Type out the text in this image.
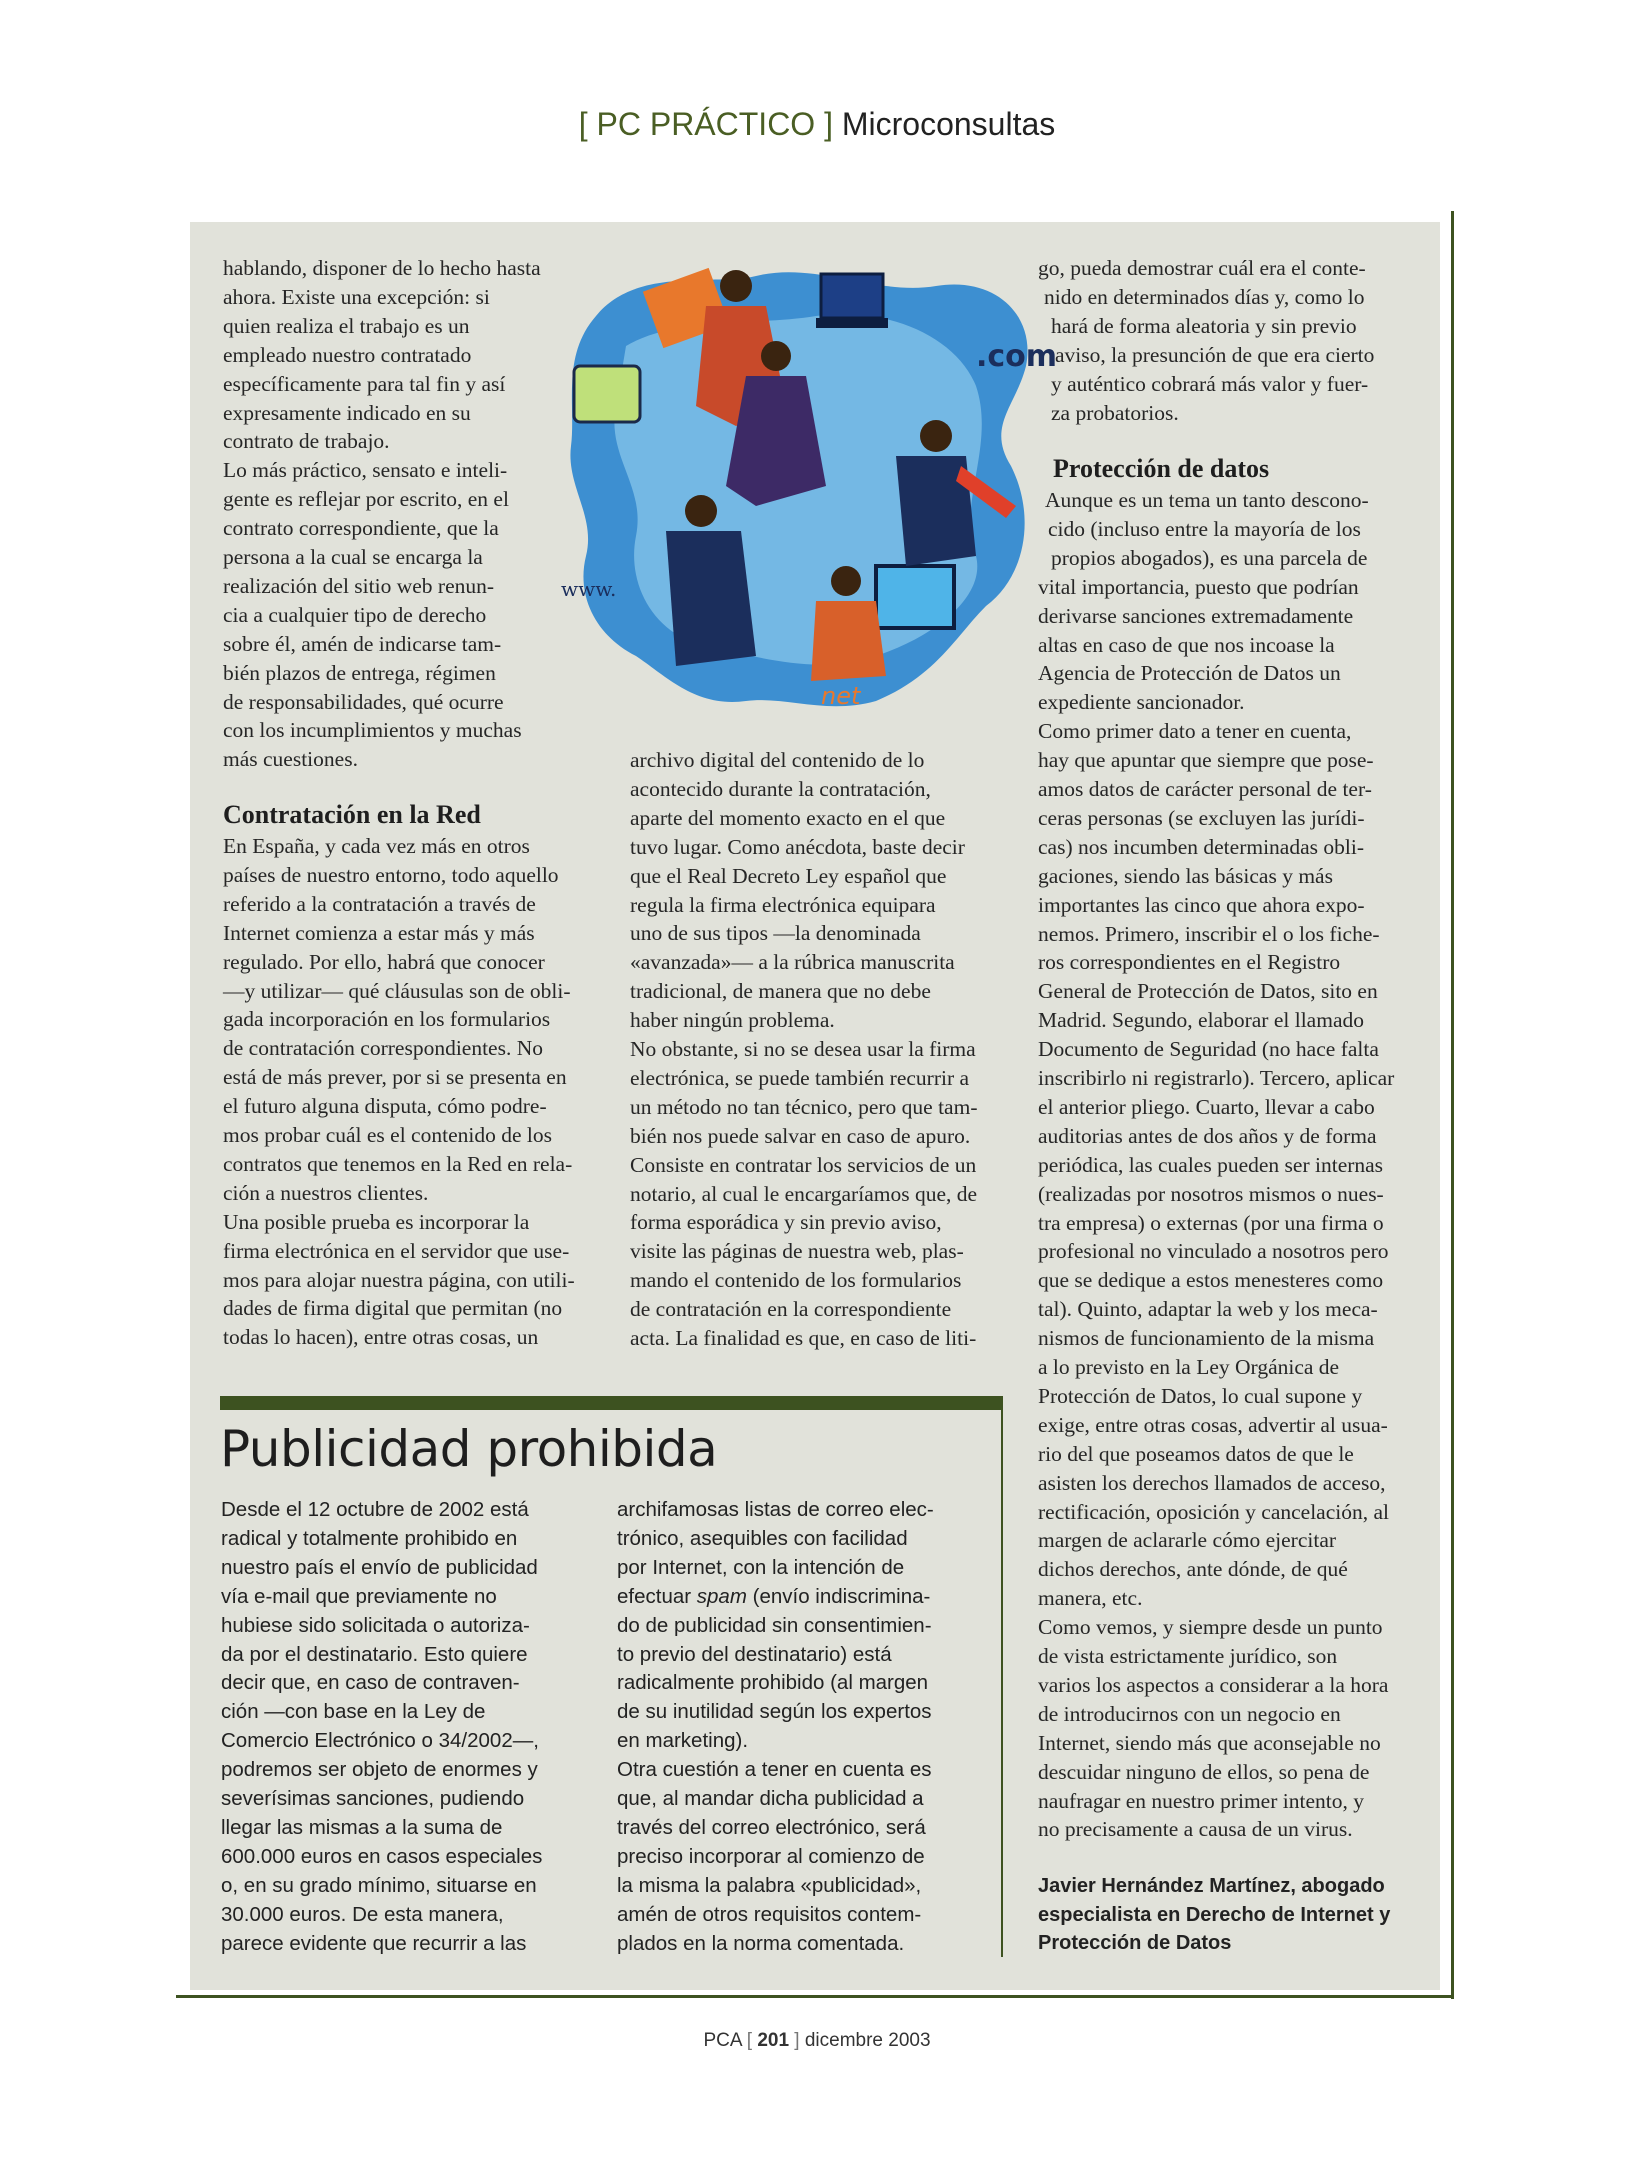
[ PC PRÁCTICO ] Microconsultas
.com
www.
net
hablando, disponer de lo hecho hasta
ahora. Existe una excepción: si
quien realiza el trabajo es un
empleado nuestro contratado
específicamente para tal fin y así
expresamente indicado en su
contrato de trabajo.
Lo más práctico, sensato e inteli-
gente es reflejar por escrito, en el
contrato correspondiente, que la
persona a la cual se encarga la
realización del sitio web renun-
cia a cualquier tipo de derecho
sobre él, amén de indicarse tam-
bién plazos de entrega, régimen
de responsabilidades, qué ocurre
con los incumplimientos y muchas
más cuestiones.
Contratación en la Red
En España, y cada vez más en otros
países de nuestro entorno, todo aquello
referido a la contratación a través de
Internet comienza a estar más y más
regulado. Por ello, habrá que conocer
—y utilizar— qué cláusulas son de obli-
gada incorporación en los formularios
de contratación correspondientes. No
está de más prever, por si se presenta en
el futuro alguna disputa, cómo podre-
mos probar cuál es el contenido de los
contratos que tenemos en la Red en rela-
ción a nuestros clientes.
Una posible prueba es incorporar la
firma electrónica en el servidor que use-
mos para alojar nuestra página, con utili-
dades de firma digital que permitan (no
todas lo hacen), entre otras cosas, un
archivo digital del contenido de lo
acontecido durante la contratación,
aparte del momento exacto en el que
tuvo lugar. Como anécdota, baste decir
que el Real Decreto Ley español que
regula la firma electrónica equipara
uno de sus tipos —la denominada
«avanzada»— a la rúbrica manuscrita
tradicional, de manera que no debe
haber ningún problema.
No obstante, si no se desea usar la firma
electrónica, se puede también recurrir a
un método no tan técnico, pero que tam-
bién nos puede salvar en caso de apuro.
Consiste en contratar los servicios de un
notario, al cual le encargaríamos que, de
forma esporádica y sin previo aviso,
visite las páginas de nuestra web, plas-
mando el contenido de los formularios
de contratación en la correspondiente
acta. La finalidad es que, en caso de liti-
go, pueda demostrar cuál era el conte-
nido en determinados días y, como lo
hará de forma aleatoria y sin previo
aviso, la presunción de que era cierto
y auténtico cobrará más valor y fuer-
za probatorios.
Protección de datos
Aunque es un tema un tanto descono-
cido (incluso entre la mayoría de los
propios abogados), es una parcela de
vital importancia, puesto que podrían
derivarse sanciones extremadamente
altas en caso de que nos incoase la
Agencia de Protección de Datos un
expediente sancionador.
Como primer dato a tener en cuenta,
hay que apuntar que siempre que pose-
amos datos de carácter personal de ter-
ceras personas (se excluyen las jurídi-
cas) nos incumben determinadas obli-
gaciones, siendo las básicas y más
importantes las cinco que ahora expo-
nemos. Primero, inscribir el o los fiche-
ros correspondientes en el Registro
General de Protección de Datos, sito en
Madrid. Segundo, elaborar el llamado
Documento de Seguridad (no hace falta
inscribirlo ni registrarlo). Tercero, aplicar
el anterior pliego. Cuarto, llevar a cabo
auditorias antes de dos años y de forma
periódica, las cuales pueden ser internas
(realizadas por nosotros mismos o nues-
tra empresa) o externas (por una firma o
profesional no vinculado a nosotros pero
que se dedique a estos menesteres como
tal). Quinto, adaptar la web y los meca-
nismos de funcionamiento de la misma
a lo previsto en la Ley Orgánica de
Protección de Datos, lo cual supone y
exige, entre otras cosas, advertir al usua-
rio del que poseamos datos de que le
asisten los derechos llamados de acceso,
rectificación, oposición y cancelación, al
margen de aclararle cómo ejercitar
dichos derechos, ante dónde, de qué
manera, etc.
Como vemos, y siempre desde un punto
de vista estrictamente jurídico, son
varios los aspectos a considerar a la hora
de introducirnos con un negocio en
Internet, siendo más que aconsejable no
descuidar ninguno de ellos, so pena de
naufragar en nuestro primer intento, y
no precisamente a causa de un virus.
Javier Hernández Martínez, abogado
especialista en Derecho de Internet y
Protección de Datos
Publicidad prohibida
Desde el 12 octubre de 2002 está
radical y totalmente prohibido en
nuestro país el envío de publicidad
vía e-mail que previamente no
hubiese sido solicitada o autoriza-
da por el destinatario. Esto quiere
decir que, en caso de contraven-
ción —con base en la Ley de
Comercio Electrónico o 34/2002—,
podremos ser objeto de enormes y
severísimas sanciones, pudiendo
llegar las mismas a la suma de
600.000 euros en casos especiales
o, en su grado mínimo, situarse en
30.000 euros. De esta manera,
parece evidente que recurrir a las
archifamosas listas de correo elec-
trónico, asequibles con facilidad
por Internet, con la intención de
efectuar spam (envío indiscrimina-
do de publicidad sin consentimien-
to previo del destinatario) está
radicalmente prohibido (al margen
de su inutilidad según los expertos
en marketing).
Otra cuestión a tener en cuenta es
que, al mandar dicha publicidad a
través del correo electrónico, será
preciso incorporar al comienzo de
la misma la palabra «publicidad»,
amén de otros requisitos contem-
plados en la norma comentada.
PCA [ 201 ] dicembre 2003
